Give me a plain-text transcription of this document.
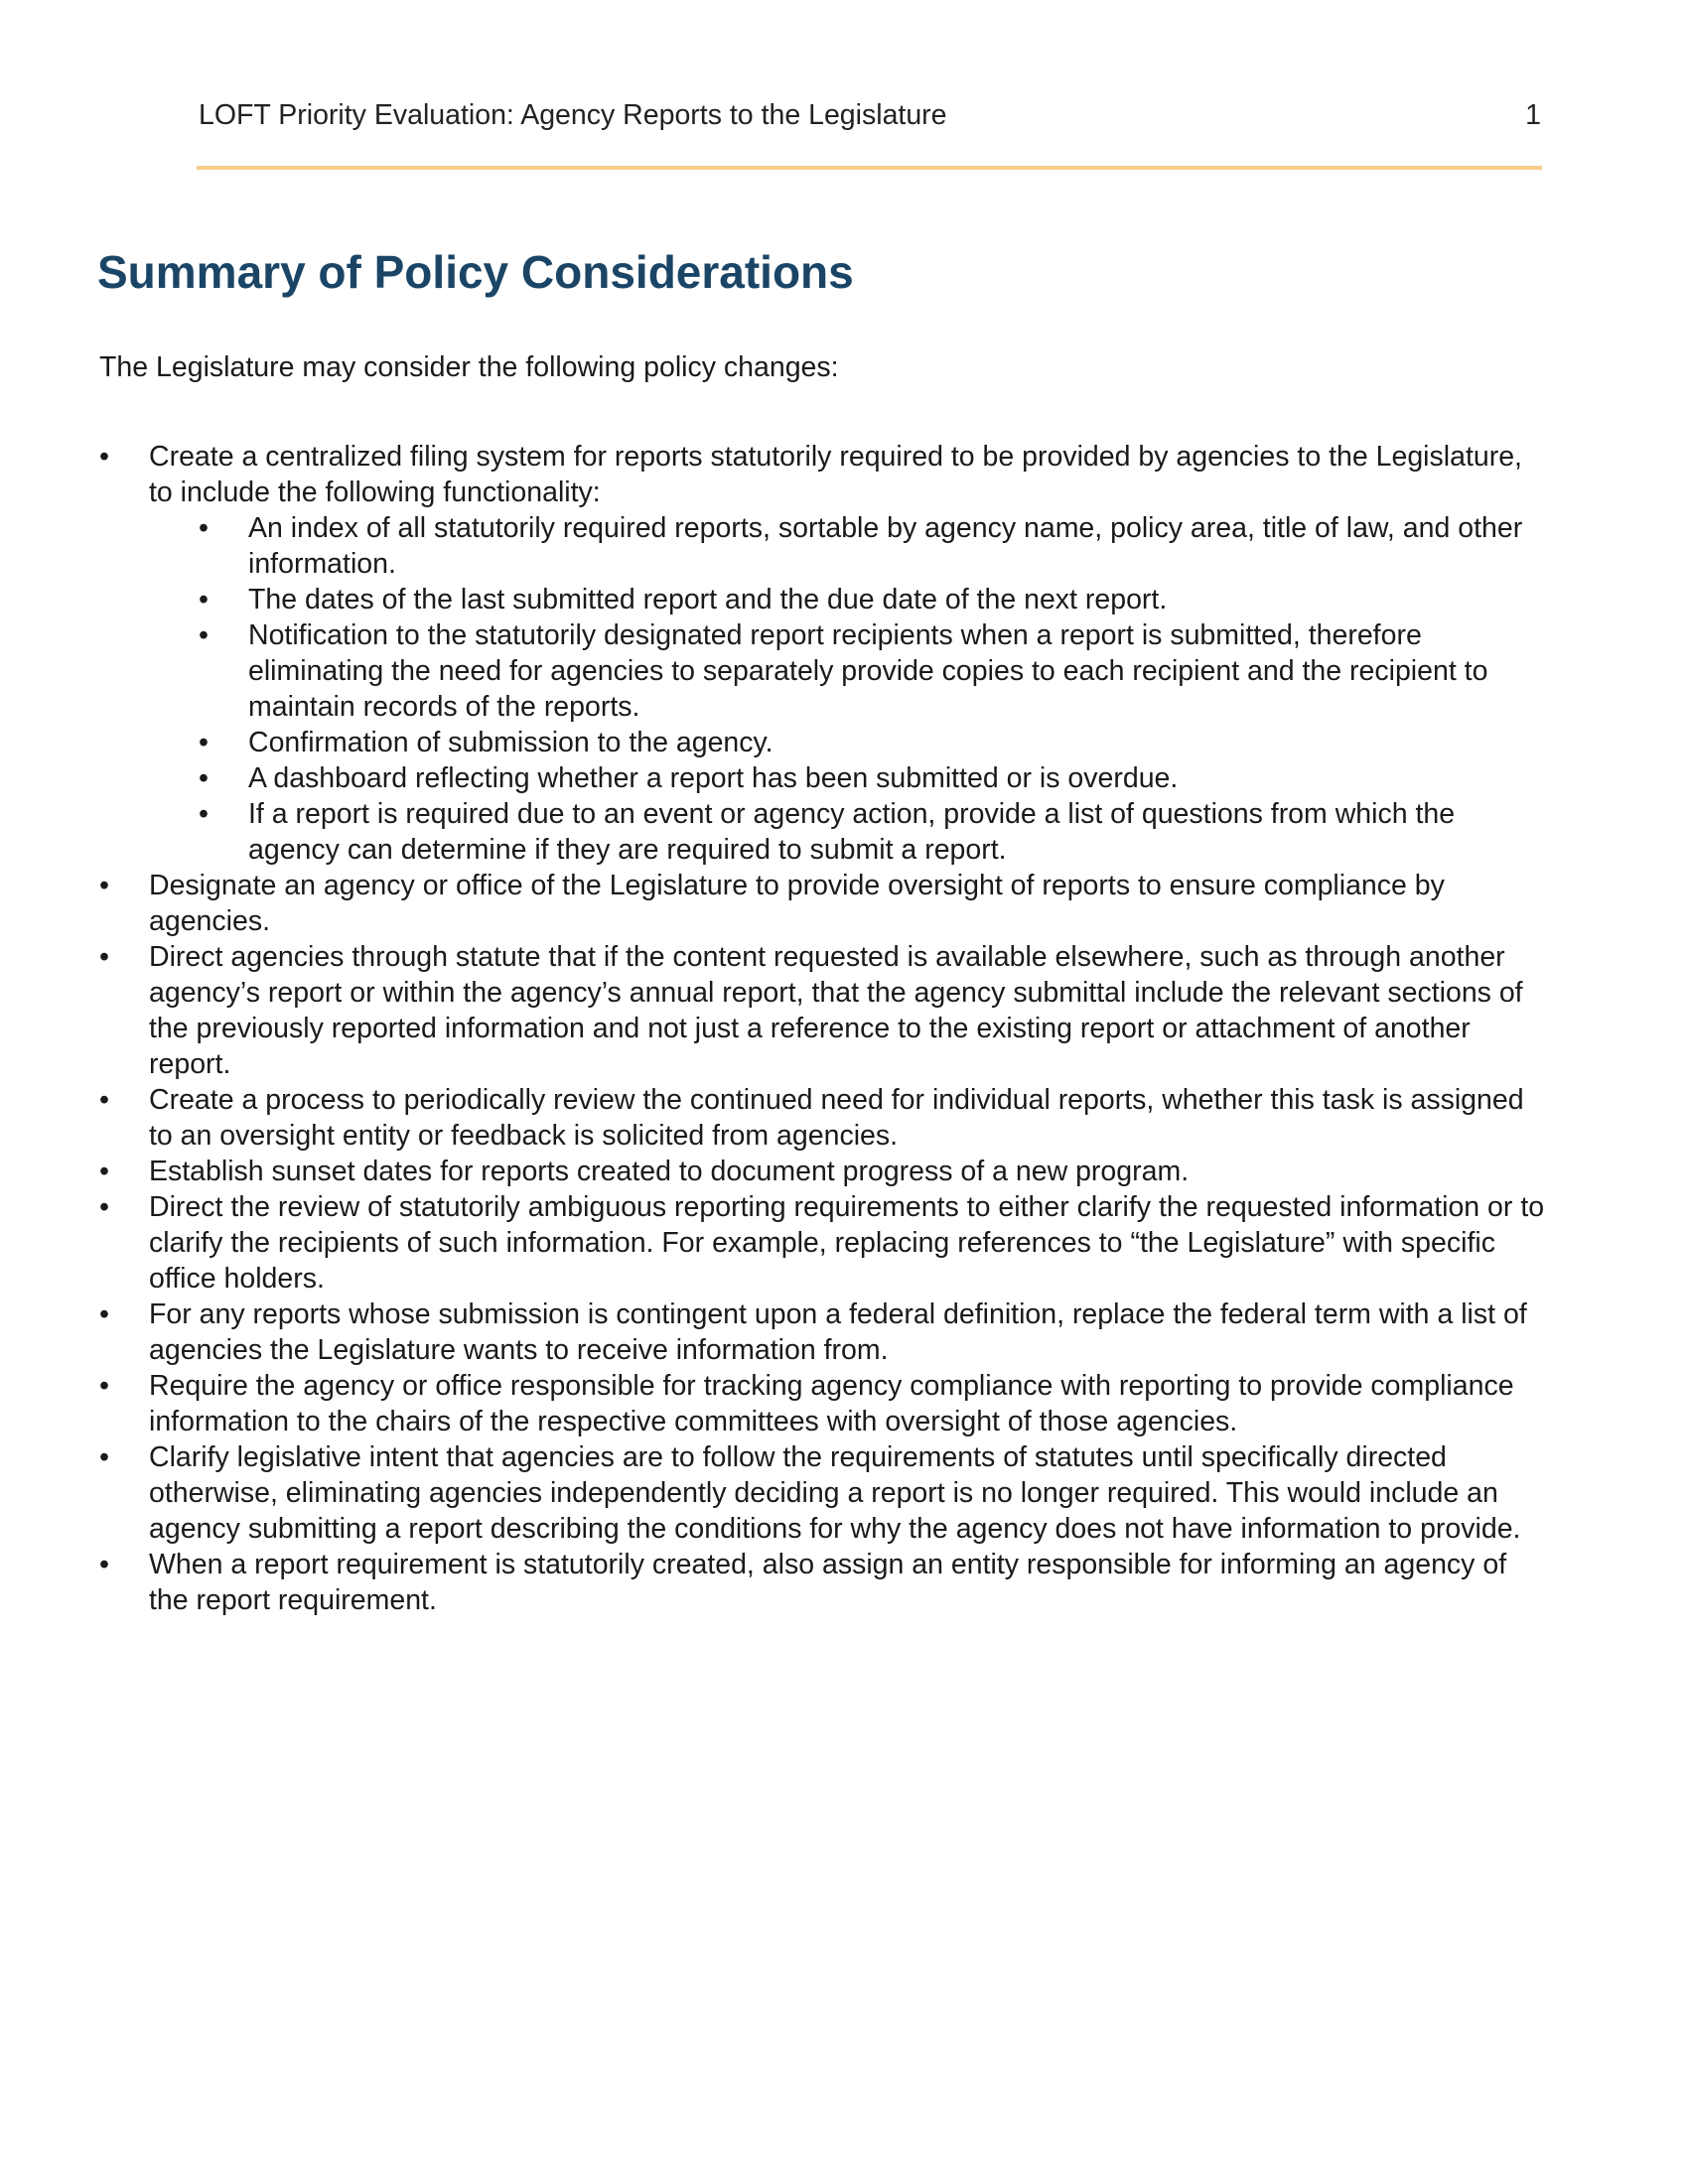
LOFT Priority Evaluation: Agency Reports to the Legislature	1
Summary of Policy Considerations

The Legislature may consider the following policy changes:

•	Create a centralized filing system for reports statutorily required to be provided by agencies to the Legislature, to include the following functionality:
•	An index of all statutorily required reports, sortable by agency name, policy area, title of law, and other information.
•	The dates of the last submitted report and the due date of the next report.
•	Notification to the statutorily designated report recipients when a report is submitted, therefore eliminating the need for agencies to separately provide copies to each recipient and the recipient to maintain records of the reports.
•	Confirmation of submission to the agency.
•	A dashboard reflecting whether a report has been submitted or is overdue.
•	If a report is required due to an event or agency action, provide a list of questions from which the agency can determine if they are required to submit a report.
•	Designate an agency or office of the Legislature to provide oversight of reports to ensure compliance by agencies.
•	Direct agencies through statute that if the content requested is available elsewhere, such as through another agency’s report or within the agency’s annual report, that the agency submittal include the relevant sections of the previously reported information and not just a reference to the existing report or attachment of another report.
•	Create a process to periodically review the continued need for individual reports, whether this task is assigned to an oversight entity or feedback is solicited from agencies.
•	Establish sunset dates for reports created to document progress of a new program.
•	Direct the review of statutorily ambiguous reporting requirements to either clarify the requested information or to clarify the recipients of such information. For example, replacing references to “the Legislature” with specific office holders.
•	For any reports whose submission is contingent upon a federal definition, replace the federal term with a list of agencies the Legislature wants to receive information from.
•	Require the agency or office responsible for tracking agency compliance with reporting to provide compliance information to the chairs of the respective committees with oversight of those agencies.
•	Clarify legislative intent that agencies are to follow the requirements of statutes until specifically directed otherwise, eliminating agencies independently deciding a report is no longer required. This would include an agency submitting a report describing the conditions for why the agency does not have information to provide.
•	When a report requirement is statutorily created, also assign an entity responsible for informing an agency of the report requirement.
